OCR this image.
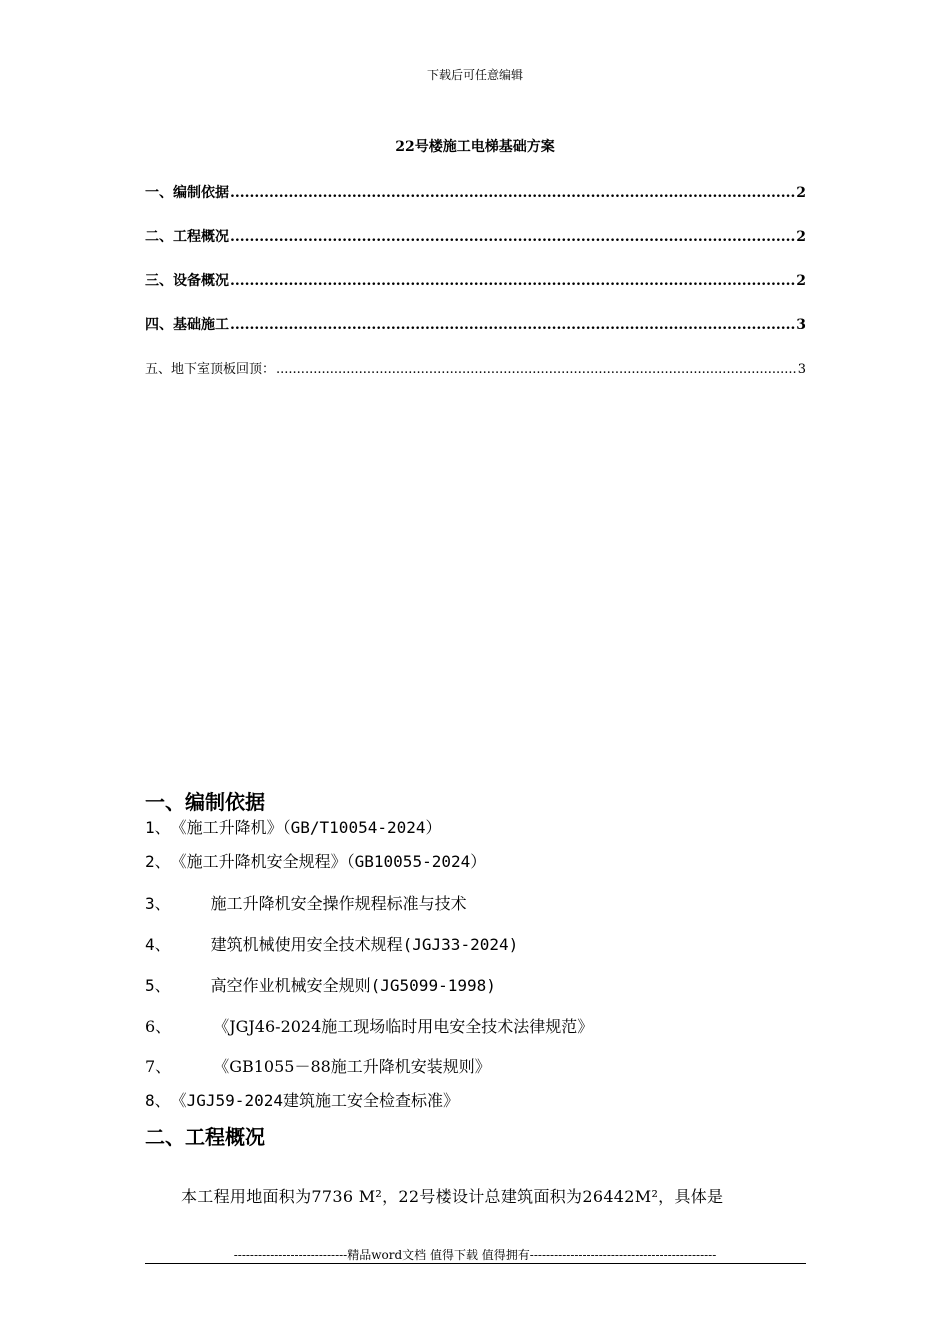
下载后可任意编辑
22号楼施工电梯基础方案
一、编制依据 .....	2
二、工程概况 .....	2
三、设备概况 .....	2
四、基础施工 .....	3
五、地下室顶板回顶： .....	3
一、编制依据
1、《施工升降机》（GB/T10054-2024）
2、《施工升降机安全规程》（GB10055-2024）
3、	施工升降机安全操作规程标准与技术
4、	建筑机械使用安全技术规程(JGJ33-2024)
5、	高空作业机械安全规则(JG5099-1998)
6、	《JGJ46-2024施工现场临时用电安全技术法律规范》
7、	《GB1055－88施工升降机安装规则》
8、《JGJ59-2024建筑施工安全检查标准》
二、工程概况
本工程用地面积为7736 M²，22号楼设计总建筑面积为26442M²，具体是
----------------------------精品word文档 值得下载 值得拥有----------------------------------------------
